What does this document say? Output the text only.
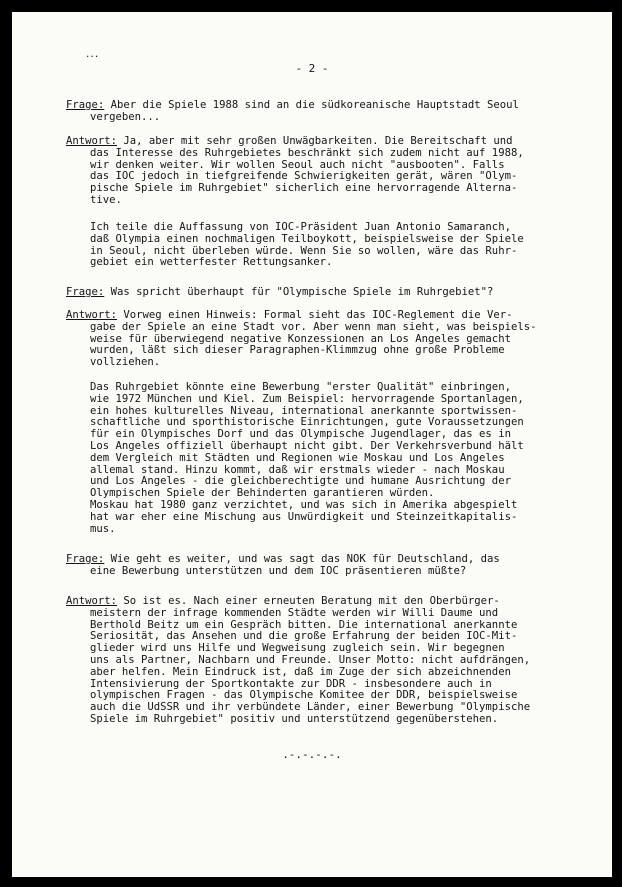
...
- 2 -
Frage: Aber die Spiele 1988 sind an die südkoreanische Hauptstadt Seoul
vergeben...
Antwort: Ja, aber mit sehr großen Unwägbarkeiten. Die Bereitschaft und
das Interesse des Ruhrgebietes beschränkt sich zudem nicht auf 1988,
wir denken weiter. Wir wollen Seoul auch nicht "ausbooten". Falls
das IOC jedoch in tiefgreifende Schwierigkeiten gerät, wären "Olym-
pische Spiele im Ruhrgebiet" sicherlich eine hervorragende Alterna-
tive.
Ich teile die Auffassung von IOC-Präsident Juan Antonio Samaranch,
daß Olympia einen nochmaligen Teilboykott, beispielsweise der Spiele
in Seoul, nicht überleben würde. Wenn Sie so wollen, wäre das Ruhr-
gebiet ein wetterfester Rettungsanker.
Frage: Was spricht überhaupt für "Olympische Spiele im Ruhrgebiet"?
Antwort: Vorweg einen Hinweis: Formal sieht das IOC-Reglement die Ver-
gabe der Spiele an eine Stadt vor. Aber wenn man sieht, was beispiels-
weise für überwiegend negative Konzessionen an Los Angeles gemacht
wurden, läßt sich dieser Paragraphen-Klimmzug ohne große Probleme
vollziehen.
Das Ruhrgebiet könnte eine Bewerbung "erster Qualität" einbringen,
wie 1972 München und Kiel. Zum Beispiel: hervorragende Sportanlagen,
ein hohes kulturelles Niveau, international anerkannte sportwissen-
schaftliche und sporthistorische Einrichtungen, gute Voraussetzungen
für ein Olympisches Dorf und das Olympische Jugendlager, das es in
Los Angeles offiziell überhaupt nicht gibt. Der Verkehrsverbund hält
dem Vergleich mit Städten und Regionen wie Moskau und Los Angeles
allemal stand. Hinzu kommt, daß wir erstmals wieder - nach Moskau
und Los Angeles - die gleichberechtigte und humane Ausrichtung der
Olympischen Spiele der Behinderten garantieren würden.
Moskau hat 1980 ganz verzichtet, und was sich in Amerika abgespielt
hat war eher eine Mischung aus Unwürdigkeit und Steinzeitkapitalis-
mus.
Frage: Wie geht es weiter, und was sagt das NOK für Deutschland, das
eine Bewerbung unterstützen und dem IOC präsentieren müßte?
Antwort: So ist es. Nach einer erneuten Beratung mit den Oberbürger-
meistern der infrage kommenden Städte werden wir Willi Daume und
Berthold Beitz um ein Gespräch bitten. Die international anerkannte
Seriosität, das Ansehen und die große Erfahrung der beiden IOC-Mit-
glieder wird uns Hilfe und Wegweisung zugleich sein. Wir begegnen
uns als Partner, Nachbarn und Freunde. Unser Motto: nicht aufdrängen,
aber helfen. Mein Eindruck ist, daß im Zuge der sich abzeichnenden
Intensivierung der Sportkontakte zur DDR - insbesondere auch in
olympischen Fragen - das Olympische Komitee der DDR, beispielsweise
auch die UdSSR und ihr verbündete Länder, einer Bewerbung "Olympische
Spiele im Ruhrgebiet" positiv und unterstützend gegenüberstehen.
.-.-.-.-.
